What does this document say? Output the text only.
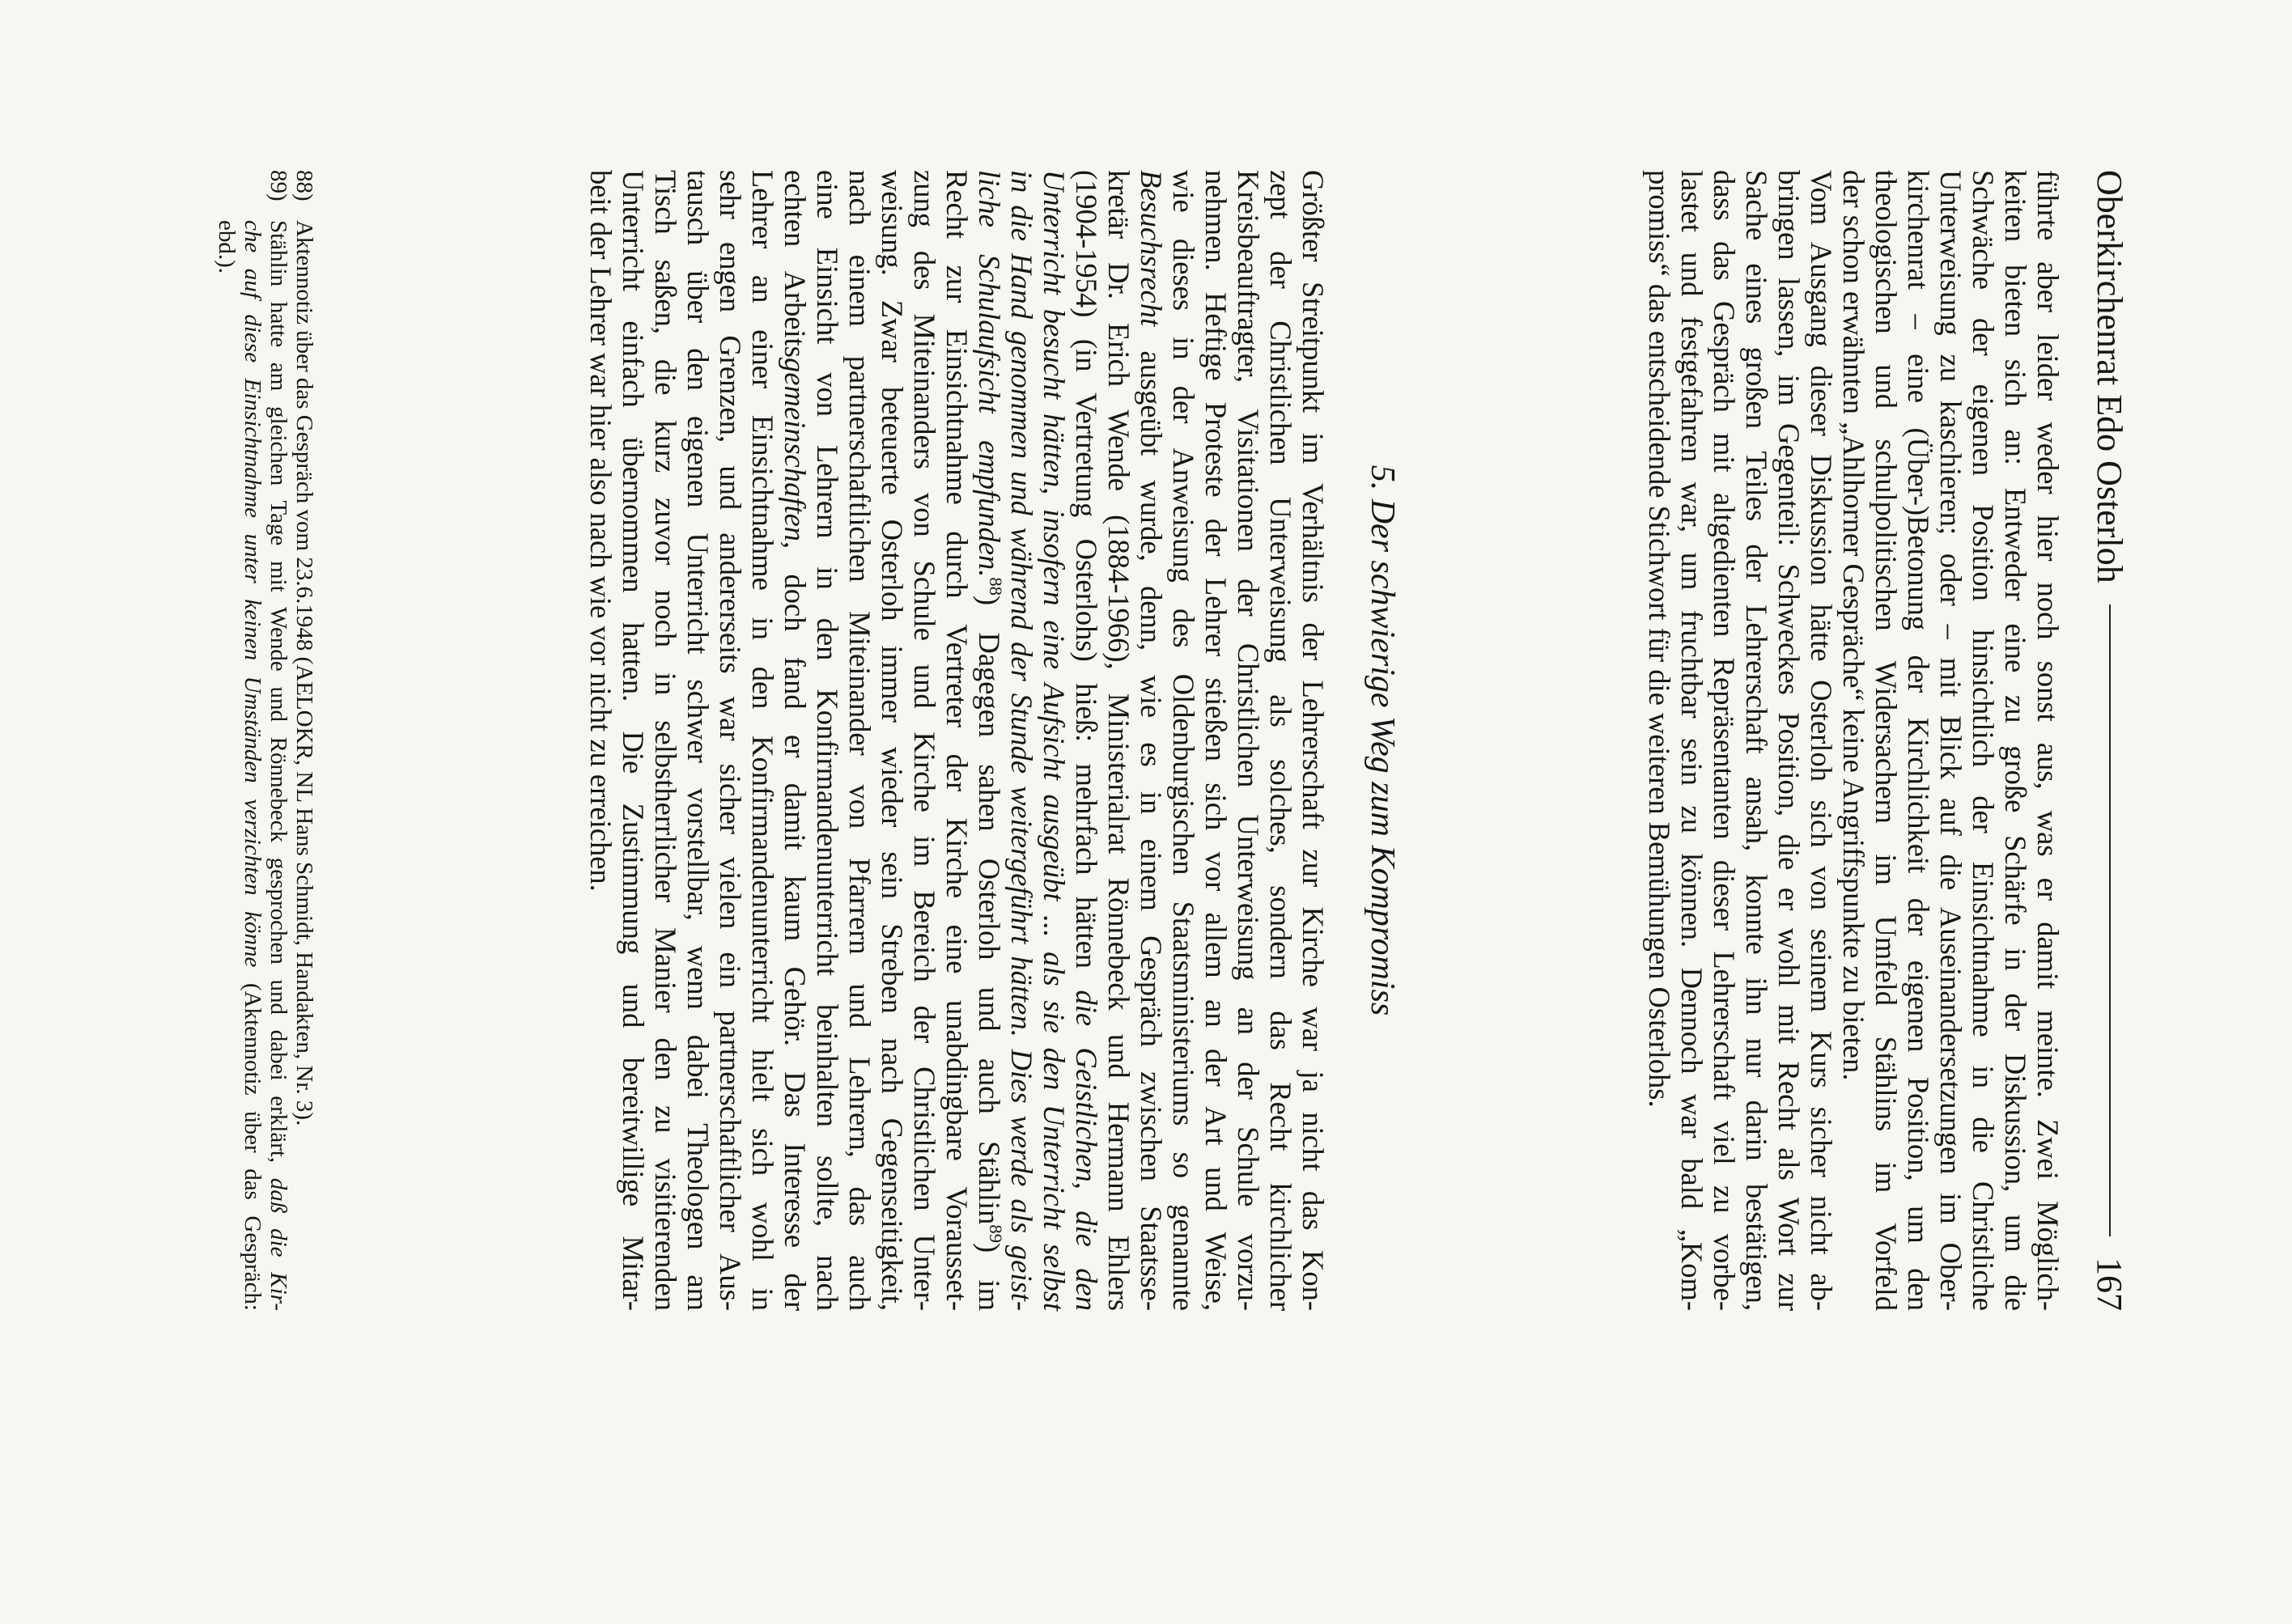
Oberkirchenrat Edo Osterloh
167
führte aber leider weder hier noch sonst aus, was er damit meinte. Zwei Möglich-
keiten bieten sich an: Entweder eine zu große Schärfe in der Diskussion, um die
Schwäche der eigenen Position hinsichtlich der Einsichtnahme in die Christliche
Unterweisung zu kaschieren; oder – mit Blick auf die Auseinandersetzungen im Ober-
kirchenrat – eine (Über-)Betonung der Kirchlichkeit der eigenen Position, um den
theologischen und schulpolitischen Widersachern im Umfeld Stählins im Vorfeld
der schon erwähnten „Ahlhorner Gespräche“ keine Angriffspunkte zu bieten.
Vom Ausgang dieser Diskussion hätte Osterloh sich von seinem Kurs sicher nicht ab-
bringen lassen, im Gegenteil: Schweckes Position, die er wohl mit Recht als Wort zur
Sache eines großen Teiles der Lehrerschaft ansah, konnte ihn nur darin bestätigen,
dass das Gespräch mit altgedienten Repräsentanten dieser Lehrerschaft viel zu vorbe-
lastet und festgefahren war, um fruchtbar sein zu können. Dennoch war bald „Kom-
promiss“ das entscheidende Stichwort für die weiteren Bemühungen Osterlohs.
5. Der schwierige Weg zum Kompromiss
Größter Streitpunkt im Verhältnis der Lehrerschaft zur Kirche war ja nicht das Kon-
zept der Christlichen Unterweisung als solches, sondern das Recht kirchlicher
Kreisbeauftragter, Visitationen der Christlichen Unterweisung an der Schule vorzu-
nehmen. Heftige Proteste der Lehrer stießen sich vor allem an der Art und Weise,
wie dieses in der Anweisung des Oldenburgischen Staatsministeriums so genannte
Besuchsrecht ausgeübt wurde, denn, wie es in einem Gespräch zwischen Staatsse-
kretär Dr. Erich Wende (1884-1966), Ministerialrat Rönnebeck und Hermann Ehlers
(1904-1954) (in Vertretung Osterlohs) hieß: mehrfach hätten die Geistlichen, die den
Unterricht besucht hätten, insofern eine Aufsicht ausgeübt ... als sie den Unterricht selbst
in die Hand genommen und während der Stunde weitergeführt hätten. Dies werde als geist-
liche Schulaufsicht empfunden.$^{88}$) Dagegen sahen Osterloh und auch Stählin$^{89}$) im
Recht zur Einsichtnahme durch Vertreter der Kirche eine unabdingbare Vorausset-
zung des Miteinanders von Schule und Kirche im Bereich der Christlichen Unter-
weisung. Zwar beteuerte Osterloh immer wieder sein Streben nach Gegenseitigkeit,
nach einem partnerschaftlichen Miteinander von Pfarrern und Lehrern, das auch
eine Einsicht von Lehrern in den Konfirmandenunterricht beinhalten sollte, nach
echten Arbeitsgemeinschaften, doch fand er damit kaum Gehör. Das Interesse der
Lehrer an einer Einsichtnahme in den Konfirmandenunterricht hielt sich wohl in
sehr engen Grenzen, und andererseits war sicher vielen ein partnerschaftlicher Aus-
tausch über den eigenen Unterricht schwer vorstellbar, wenn dabei Theologen am
Tisch saßen, die kurz zuvor noch in selbstherrlicher Manier den zu visitierenden
Unterricht einfach übernommen hatten. Die Zustimmung und bereitwillige Mitar-
beit der Lehrer war hier also nach wie vor nicht zu erreichen.
88)
Aktennotiz über das Gespräch vom 23.6.1948 (AELOKR, NL Hans Schmidt, Handakten, Nr. 3).
89)
Stählin hatte am gleichen Tage mit Wende und Rönnebeck gesprochen und dabei erklärt, daß die Kir-
che auf diese Einsichtnahme unter keinen Umständen verzichten könne (Aktennotiz über das Gespräch:
ebd.).
